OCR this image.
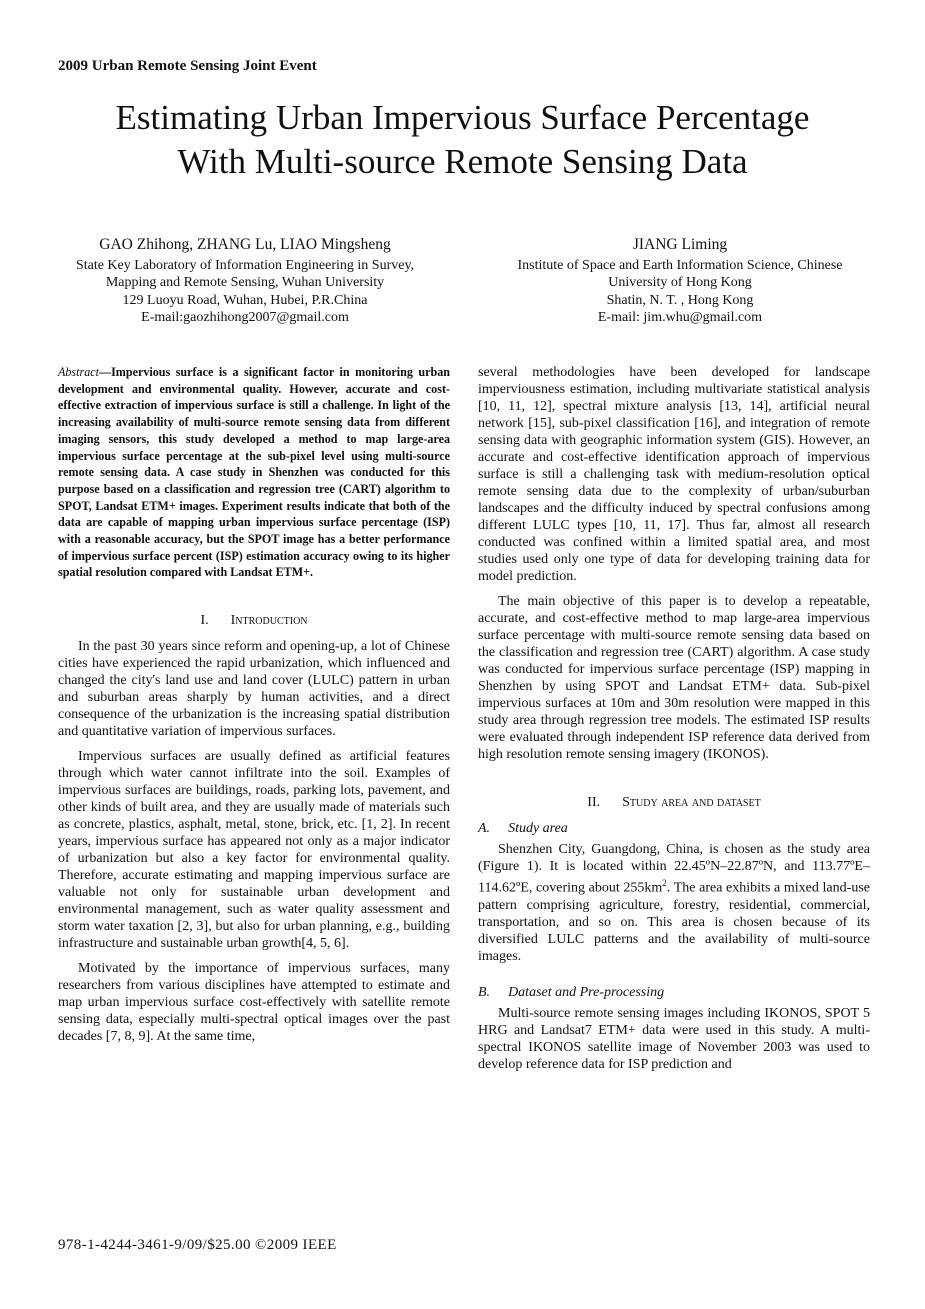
2009 Urban Remote Sensing Joint Event
Estimating Urban Impervious Surface Percentage
With Multi-source Remote Sensing Data
GAO Zhihong, ZHANG Lu, LIAO Mingsheng
State Key Laboratory of Information Engineering in Survey,
Mapping and Remote Sensing, Wuhan University
129 Luoyu Road, Wuhan, Hubei, P.R.China
E-mail:gaozhihong2007@gmail.com
JIANG Liming
Institute of Space and Earth Information Science, Chinese
University of Hong Kong
Shatin, N. T. , Hong Kong
E-mail: jim.whu@gmail.com

Abstract—Impervious surface is a significant factor in monitoring urban development and environmental quality. However, accurate and cost-effective extraction of impervious surface is still a challenge. In light of the increasing availability of multi-source remote sensing data from different imaging sensors, this study developed a method to map large-area impervious surface percentage at the sub-pixel level using multi-source remote sensing data. A case study in Shenzhen was conducted for this purpose based on a classification and regression tree (CART) algorithm to SPOT, Landsat ETM+ images. Experiment results indicate that both of the data are capable of mapping urban impervious surface percentage (ISP) with a reasonable accuracy, but the SPOT image has a better performance of impervious surface percent (ISP) estimation accuracy owing to its higher spatial resolution compared with Landsat ETM+.

I. Introduction

In the past 30 years since reform and opening-up, a lot of Chinese cities have experienced the rapid urbanization, which influenced and changed the city's land use and land cover (LULC) pattern in urban and suburban areas sharply by human activities, and a direct consequence of the urbanization is the increasing spatial distribution and quantitative variation of impervious surfaces.

Impervious surfaces are usually defined as artificial features through which water cannot infiltrate into the soil. Examples of impervious surfaces are buildings, roads, parking lots, pavement, and other kinds of built area, and they are usually made of materials such as concrete, plastics, asphalt, metal, stone, brick, etc. [1, 2]. In recent years, impervious surface has appeared not only as a major indicator of urbanization but also a key factor for environmental quality. Therefore, accurate estimating and mapping impervious surface are valuable not only for sustainable urban development and environmental management, such as water quality assessment and storm water taxation [2, 3], but also for urban planning, e.g., building infrastructure and sustainable urban growth[4, 5, 6].

Motivated by the importance of impervious surfaces, many researchers from various disciplines have attempted to estimate and map urban impervious surface cost-effectively with satellite remote sensing data, especially multi-spectral optical images over the past decades [7, 8, 9]. At the same time,

several methodologies have been developed for landscape imperviousness estimation, including multivariate statistical analysis [10, 11, 12], spectral mixture analysis [13, 14], artificial neural network [15], sub-pixel classification [16], and integration of remote sensing data with geographic information system (GIS). However, an accurate and cost-effective identification approach of impervious surface is still a challenging task with medium-resolution optical remote sensing data due to the complexity of urban/suburban landscapes and the difficulty induced by spectral confusions among different LULC types [10, 11, 17]. Thus far, almost all research conducted was confined within a limited spatial area, and most studies used only one type of data for developing training data for model prediction.

The main objective of this paper is to develop a repeatable, accurate, and cost-effective method to map large-area impervious surface percentage with multi-source remote sensing data based on the classification and regression tree (CART) algorithm. A case study was conducted for impervious surface percentage (ISP) mapping in Shenzhen by using SPOT and Landsat ETM+ data. Sub-pixel impervious surfaces at 10m and 30m resolution were mapped in this study area through regression tree models. The estimated ISP results were evaluated through independent ISP reference data derived from high resolution remote sensing imagery (IKONOS).

II. Study area and dataset
A. Study area

Shenzhen City, Guangdong, China, is chosen as the study area (Figure 1). It is located within 22.45ºN–22.87ºN, and 113.77ºE–114.62ºE, covering about $255km^2$. The area exhibits a mixed land-use pattern comprising agriculture, forestry, residential, commercial, transportation, and so on. This area is chosen because of its diversified LULC patterns and the availability of multi-source images.

B. Dataset and Pre-processing

Multi-source remote sensing images including IKONOS, SPOT 5 HRG and Landsat7 ETM+ data were used in this study. A multi-spectral IKONOS satellite image of November 2003 was used to develop reference data for ISP prediction and

978-1-4244-3461-9/09/$25.00 ©2009 IEEE
